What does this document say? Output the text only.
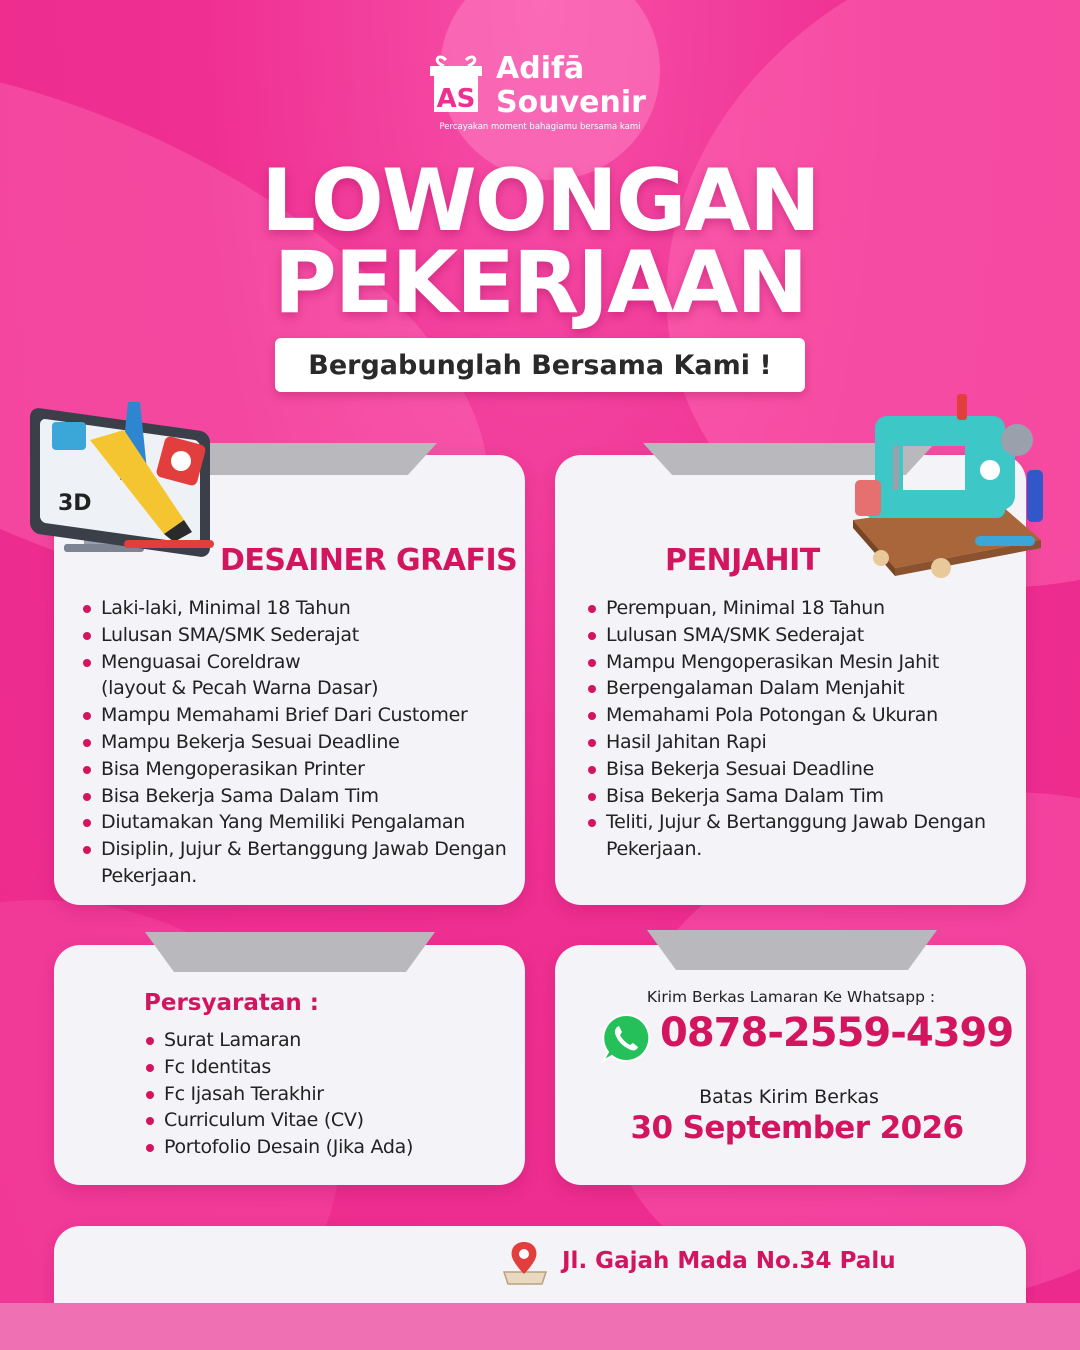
AS
Adifā
Souvenir
Percayakan moment bahagiamu bersama kami
LOWONGAN
PEKERJAAN
Bergabunglah Bersama Kami !
DESAINER GRAFIS
Laki-laki, Minimal 18 Tahun
Lulusan SMA/SMK Sederajat
Menguasai Coreldraw
(layout & Pecah Warna Dasar)
Mampu Memahami Brief Dari Customer
Mampu Bekerja Sesuai Deadline
Bisa Mengoperasikan Printer
Bisa Bekerja Sama Dalam Tim
Diutamakan Yang Memiliki Pengalaman
Disiplin, Jujur & Bertanggung Jawab Dengan
Pekerjaan.
3D
PENJAHIT
Perempuan, Minimal 18 Tahun
Lulusan SMA/SMK Sederajat
Mampu Mengoperasikan Mesin Jahit
Berpengalaman Dalam Menjahit
Memahami Pola Potongan & Ukuran
Hasil Jahitan Rapi
Bisa Bekerja Sesuai Deadline
Bisa Bekerja Sama Dalam Tim
Teliti, Jujur & Bertanggung Jawab Dengan
Pekerjaan.
Persyaratan :
Surat Lamaran
Fc Identitas
Fc Ijasah Terakhir
Curriculum Vitae (CV)
Portofolio Desain (Jika Ada)
Kirim Berkas Lamaran Ke Whatsapp :
0878-2559-4399
Batas Kirim Berkas
30 September 2026
Jl. Gajah Mada No.34 Palu
